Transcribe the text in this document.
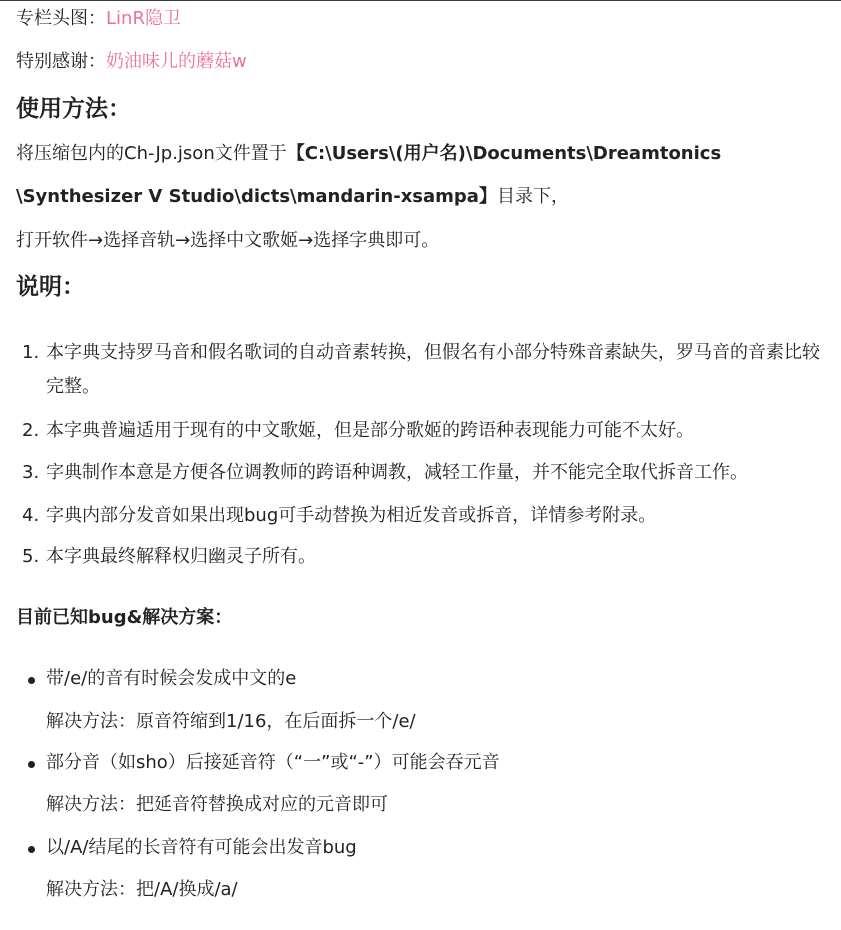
专栏头图：LinR隐卫
特别感谢：奶油味儿的蘑菇w
使用方法：
将压缩包内的Ch-Jp.json文件置于【C:\Users\(用户名)\Documents\Dreamtonics
\Synthesizer V Studio\dicts\mandarin-xsampa】目录下，
打开软件→选择音轨→选择中文歌姬→选择字典即可。
说明：
1. 本字典支持罗马音和假名歌词的自动音素转换，但假名有小部分特殊音素缺失，罗马音的音素比较完整。
2. 本字典普遍适用于现有的中文歌姬，但是部分歌姬的跨语种表现能力可能不太好。
3. 字典制作本意是方便各位调教师的跨语种调教，减轻工作量，并不能完全取代拆音工作。
4. 字典内部分发音如果出现bug可手动替换为相近发音或拆音，详情参考附录。
5. 本字典最终解释权归幽灵子所有。
目前已知bug&解决方案：
带/e/的音有时候会发成中文的e
解决方法：原音符缩到1/16，在后面拆一个/e/
部分音（如sho）后接延音符（“一”或“-”）可能会吞元音
解决方法：把延音符替换成对应的元音即可
以/A/结尾的长音符有可能会出发音bug
解决方法：把/A/换成/a/
